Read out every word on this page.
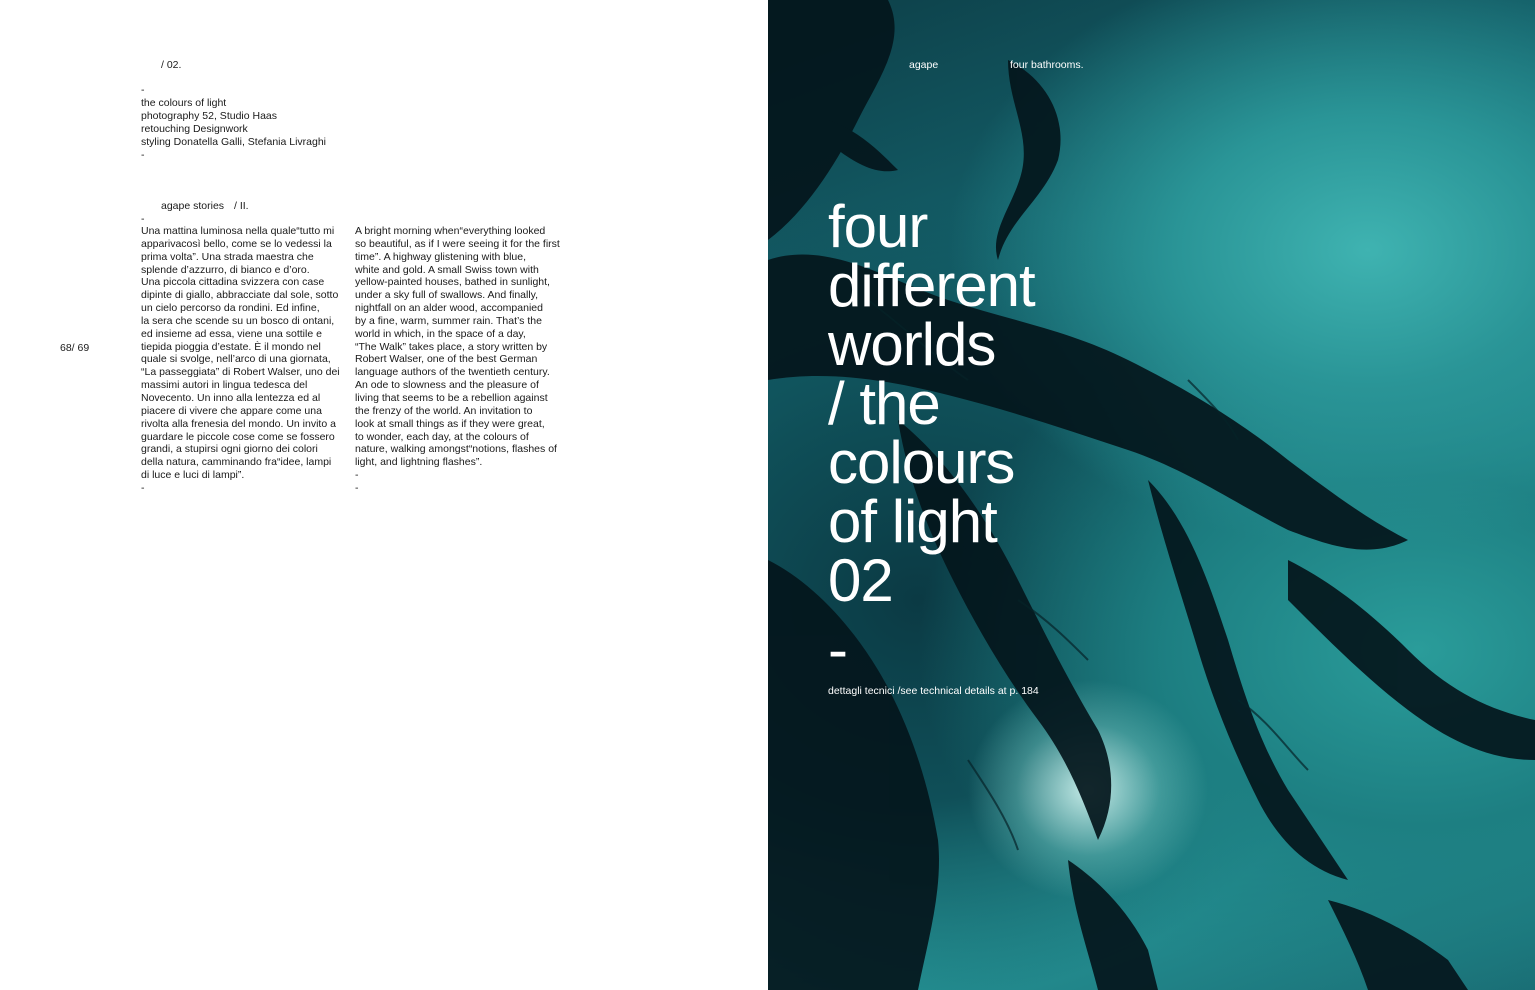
/ 02.
-
the colours of light
photography 52, Studio Haas
retouching Designwork
styling Donatella Galli, Stefania Livraghi
-
agape stories / II.
-
68/ 69
Una mattina luminosa nella quale“tutto mi
apparivacosì bello, come se lo vedessi la
prima volta”. Una strada maestra che
splende d’azzurro, di bianco e d’oro.
Una piccola cittadina svizzera con case
dipinte di giallo, abbracciate dal sole, sotto
un cielo percorso da rondini. Ed infine,
la sera che scende su un bosco di ontani,
ed insieme ad essa, viene una sottile e
tiepida pioggia d’estate. È il mondo nel
quale si svolge, nell’arco di una giornata,
“La passeggiata” di Robert Walser, uno dei
massimi autori in lingua tedesca del
Novecento. Un inno alla lentezza ed al
piacere di vivere che appare come una
rivolta alla frenesia del mondo. Un invito a
guardare le piccole cose come se fossero
grandi, a stupirsi ogni giorno dei colori
della natura, camminando fra“idee, lampi
di luce e luci di lampi”.
-
A bright morning when“everything looked
so beautiful, as if I were seeing it for the first
time”. A highway glistening with blue,
white and gold. A small Swiss town with
yellow-painted houses, bathed in sunlight,
under a sky full of swallows. And finally,
nightfall on an alder wood, accompanied
by a fine, warm, summer rain. That’s the
world in which, in the space of a day,
“The Walk” takes place, a story written by
Robert Walser, one of the best German
language authors of the twentieth century.
An ode to slowness and the pleasure of
living that seems to be a rebellion against
the frenzy of the world. An invitation to
look at small things as if they were great,
to wonder, each day, at the colours of
nature, walking amongst“notions, flashes of
light, and lightning flashes”.
-
-
agape	four bathrooms.
four
different
worlds
/ the
colours
of light
02
-
dettagli tecnici /see technical details at p. 184
